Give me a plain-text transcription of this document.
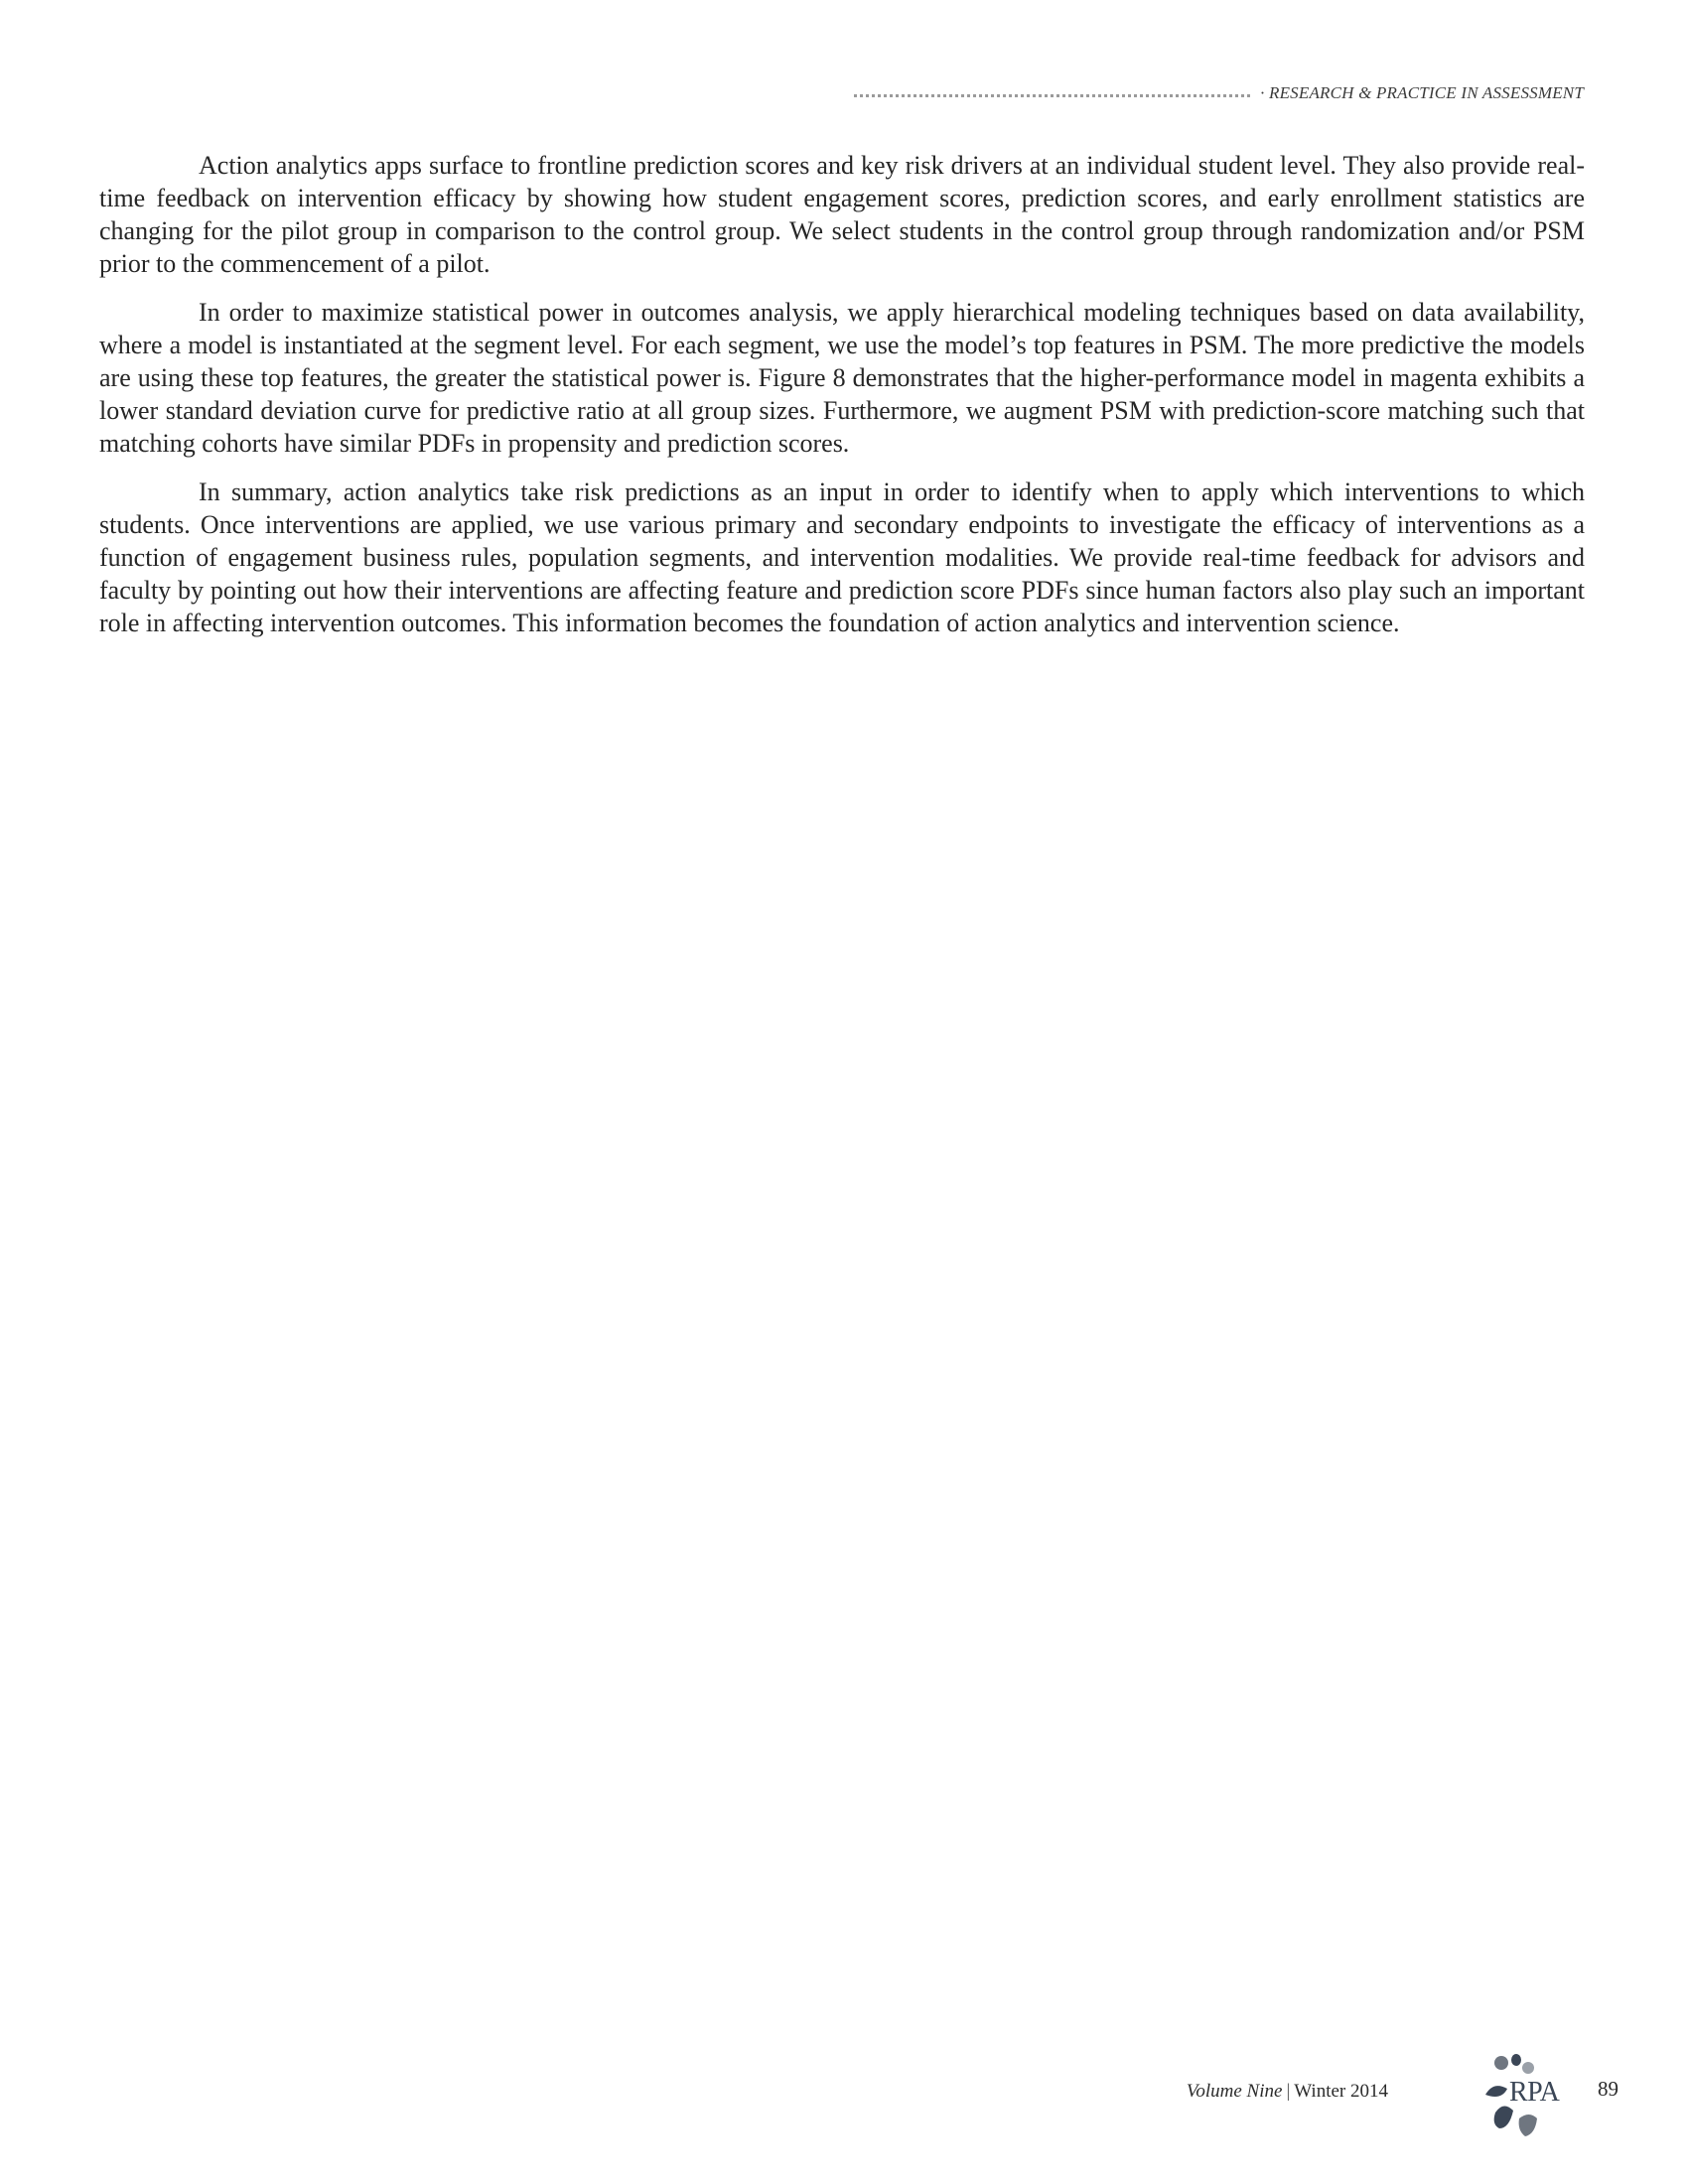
· RESEARCH & PRACTICE IN ASSESSMENT

Action analytics apps surface to frontline prediction scores and key risk drivers at an individual student level. They also provide real-time feedback on intervention efficacy by showing how student engagement scores, prediction scores, and early enrollment statistics are changing for the pilot group in comparison to the control group. We select students in the control group through randomization and/or PSM prior to the commencement of a pilot.

In order to maximize statistical power in outcomes analysis, we apply hierarchical modeling techniques based on data availability, where a model is instantiated at the segment level. For each segment, we use the model’s top features in PSM. The more predictive the models are using these top features, the greater the statistical power is. Figure 8 demonstrates that the higher-performance model in magenta exhibits a lower standard deviation curve for predictive ratio at all group sizes. Furthermore, we augment PSM with prediction-score matching such that matching cohorts have similar PDFs in propensity and prediction scores.

In summary, action analytics take risk predictions as an input in order to identify when to apply which interventions to which students. Once interventions are applied, we use various primary and secondary endpoints to investigate the efficacy of interventions as a function of engagement business rules, population segments, and intervention modalities. We provide real-time feedback for advisors and faculty by pointing out how their interventions are affecting feature and prediction score PDFs since human factors also play such an important role in affecting intervention outcomes. This information becomes the foundation of action analytics and intervention science.

Volume Nine | Winter 2014	RPA 89
